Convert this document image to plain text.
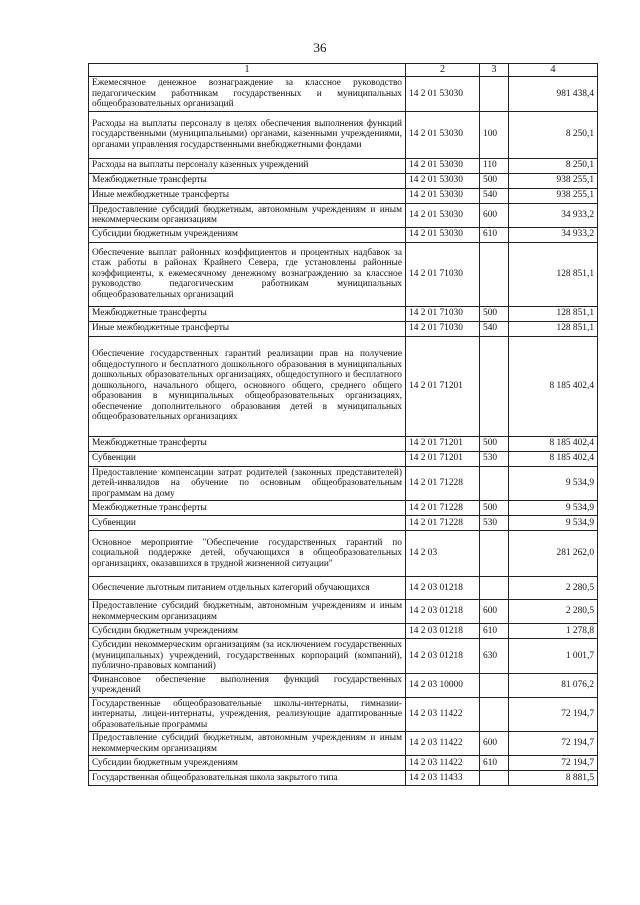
36
1	2	3	4
Ежемесячное денежное вознаграждение за классное руководство педагогическим работникам государственных и муниципальных общеобразовательных организаций	14 2 01 53030		981 438,4
Расходы на выплаты персоналу в целях обеспечения выполнения функций государственными (муниципальными) органами, казенными учреждениями, органами управления государственными внебюджетными фондами	14 2 01 53030	100	8 250,1
Расходы на выплаты персоналу казенных учреждений	14 2 01 53030	110	8 250,1
Межбюджетные трансферты	14 2 01 53030	500	938 255,1
Иные межбюджетные трансферты	14 2 01 53030	540	938 255,1
Предоставление субсидий бюджетным, автономным учреждениям и иным некоммерческим организациям	14 2 01 53030	600	34 933,2
Субсидии бюджетным учреждениям	14 2 01 53030	610	34 933,2
Обеспечение выплат районных коэффициентов и процентных надбавок за стаж работы в районах Крайнего Севера, где установлены районные коэффициенты, к ежемесячному денежному вознаграждению за классное руководство педагогическим работникам муниципальных общеобразовательных организаций	14 2 01 71030		128 851,1
Межбюджетные трансферты	14 2 01 71030	500	128 851,1
Иные межбюджетные трансферты	14 2 01 71030	540	128 851,1
Обеспечение государственных гарантий реализации прав на получение общедоступного и бесплатного дошкольного образования в муниципальных дошкольных образовательных организациях, общедоступного и бесплатного дошкольного, начального общего, основного общего, среднего общего образования в муниципальных общеобразовательных организациях, обеспечение дополнительного образования детей в муниципальных общеобразовательных организациях	14 2 01 71201		8 185 402,4
Межбюджетные трансферты	14 2 01 71201	500	8 185 402,4
Субвенции	14 2 01 71201	530	8 185 402,4
Предоставление компенсации затрат родителей (законных представителей) детей-инвалидов на обучение по основным общеобразовательным программам на дому	14 2 01 71228		9 534,9
Межбюджетные трансферты	14 2 01 71228	500	9 534,9
Субвенции	14 2 01 71228	530	9 534,9
Основное мероприятие "Обеспечение государственных гарантий по социальной поддержке детей, обучающихся в общеобразовательных организациях, оказавшихся в трудной жизненной ситуации"	14 2 03		281 262,0
Обеспечение льготным питанием отдельных категорий обучающихся	14 2 03 01218		2 280,5
Предоставление субсидий бюджетным, автономным учреждениям и иным некоммерческим организациям	14 2 03 01218	600	2 280,5
Субсидии бюджетным учреждениям	14 2 03 01218	610	1 278,8
Субсидии некоммерческим организациям (за исключением государственных (муниципальных) учреждений, государственных корпораций (компаний), публично-правовых компаний)	14 2 03 01218	630	1 001,7
Финансовое обеспечение выполнения функций государственных учреждений	14 2 03 10000		81 076,2
Государственные общеобразовательные школы-интернаты, гимназии-интернаты, лицеи-интернаты, учреждения, реализующие адаптированные образовательные программы	14 2 03 11422		72 194,7
Предоставление субсидий бюджетным, автономным учреждениям и иным некоммерческим организациям	14 2 03 11422	600	72 194,7
Субсидии бюджетным учреждениям	14 2 03 11422	610	72 194,7
Государственная общеобразовательная школа закрытого типа	14 2 03 11433		8 881,5
